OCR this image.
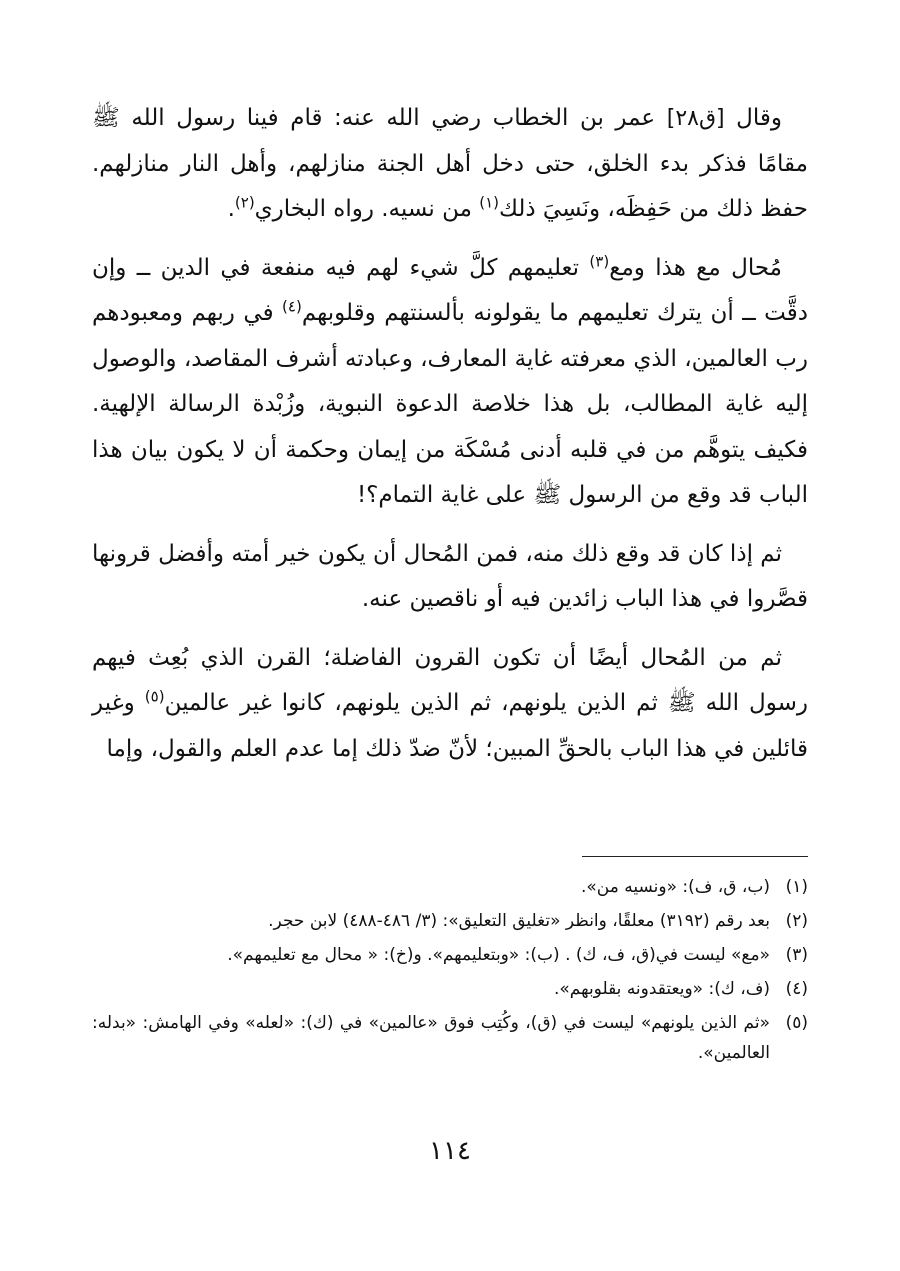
وقال [ق٢٨] عمر بن الخطاب رضي الله عنه: قام فينا رسول الله ﷺ مقامًا فذكر بدء الخلق، حتى دخل أهل الجنة منازلهم، وأهل النار منازلهم. حفظ ذلك من حَفِظَه، ونَسِيَ ذلك$^{(١)}$ من نسيه. رواه البخاري$^{(٢)}$.

مُحال مع هذا ومع$^{(٣)}$ تعليمهم كلَّ شيء لهم فيه منفعة في الدين ــ وإن دقَّت ــ أن يترك تعليمهم ما يقولونه بألسنتهم وقلوبهم$^{(٤)}$ في ربهم ومعبودهم رب العالمين، الذي معرفته غاية المعارف، وعبادته أشرف المقاصد، والوصول إليه غاية المطالب، بل هذا خلاصة الدعوة النبوية، وزُبْدة الرسالة الإلهية. فكيف يتوهَّم من في قلبه أدنى مُسْكَة من إيمان وحكمة أن لا يكون بيان هذا الباب قد وقع من الرسول ﷺ على غاية التمام؟!

ثم إذا كان قد وقع ذلك منه، فمن المُحال أن يكون خير أمته وأفضل قرونها قصَّروا في هذا الباب زائدين فيه أو ناقصين عنه.

ثم من المُحال أيضًا أن تكون القرون الفاضلة؛ القرن الذي بُعِث فيهم رسول الله ﷺ ثم الذين يلونهم، ثم الذين يلونهم، كانوا غير عالمين$^{(٥)}$ وغير قائلين في هذا الباب بالحقِّ المبين؛ لأنّ ضدّ ذلك إما عدم العلم والقول، وإما

(١)
(ب، ق، ف): «ونسيه من».
(٢)
بعد رقم (٣١٩٢) معلقًا، وانظر «تغليق التعليق»: (٣/ ٤٨٦-٤٨٨) لابن حجر.
(٣)
«مع» ليست في(ق، ف، ك) . (ب): «وبتعليمهم». و(خ): « محال مع تعليمهم».
(٤)
(ف، ك): «ويعتقدونه بقلوبهم».
(٥)
«ثم الذين يلونهم» ليست في (ق)، وكُتِب فوق «عالمين» في (ك): «لعله» وفي الهامش: «بدله: العالمين».
١١٤
